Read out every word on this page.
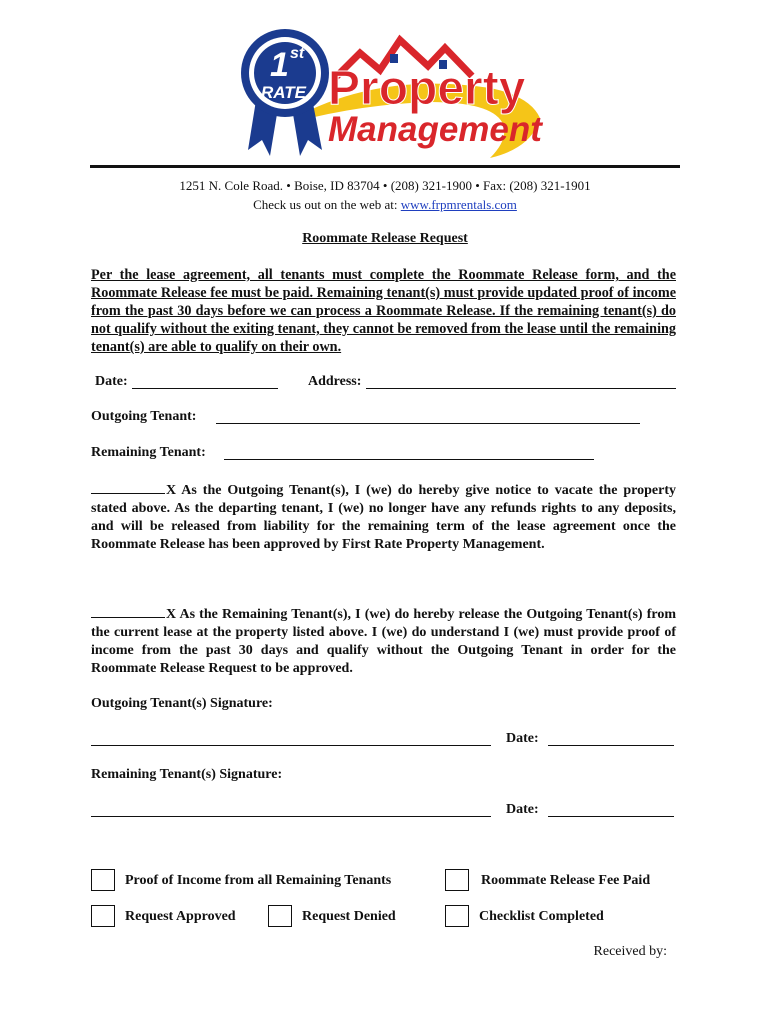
1 st
RATE Property
Management
1251 N. Cole Road. • Boise, ID 83704 • (208) 321-1900 • Fax: (208) 321-1901
Check us out on the web at: www.frpmrentals.com
Roommate Release Request
Per the lease agreement, all tenants must complete the Roommate Release form, and the Roommate Release fee must be paid. Remaining tenant(s) must provide updated proof of income from the past 30 days before we can process a Roommate Release. If the remaining tenant(s) do not qualify without the exiting tenant, they cannot be removed from the lease until the remaining tenant(s) are able to qualify on their own.
Date:	Address:
Outgoing Tenant:
Remaining Tenant:
X As the Outgoing Tenant(s), I (we) do hereby give notice to vacate the property stated above. As the departing tenant, I (we) no longer have any refunds rights to any deposits, and will be released from liability for the remaining term of the lease agreement once the Roommate Release has been approved by First Rate Property Management.
X As the Remaining Tenant(s), I (we) do hereby release the Outgoing Tenant(s) from the current lease at the property listed above. I (we) do understand I (we) must provide proof of income from the past 30 days and qualify without the Outgoing Tenant in order for the Roommate Release Request to be approved.
Outgoing Tenant(s) Signature:
Date:
Remaining Tenant(s) Signature:
Date:
Proof of Income from all Remaining Tenants	Roommate Release Fee Paid
Request Approved	Request Denied	Checklist Completed
Received by:
